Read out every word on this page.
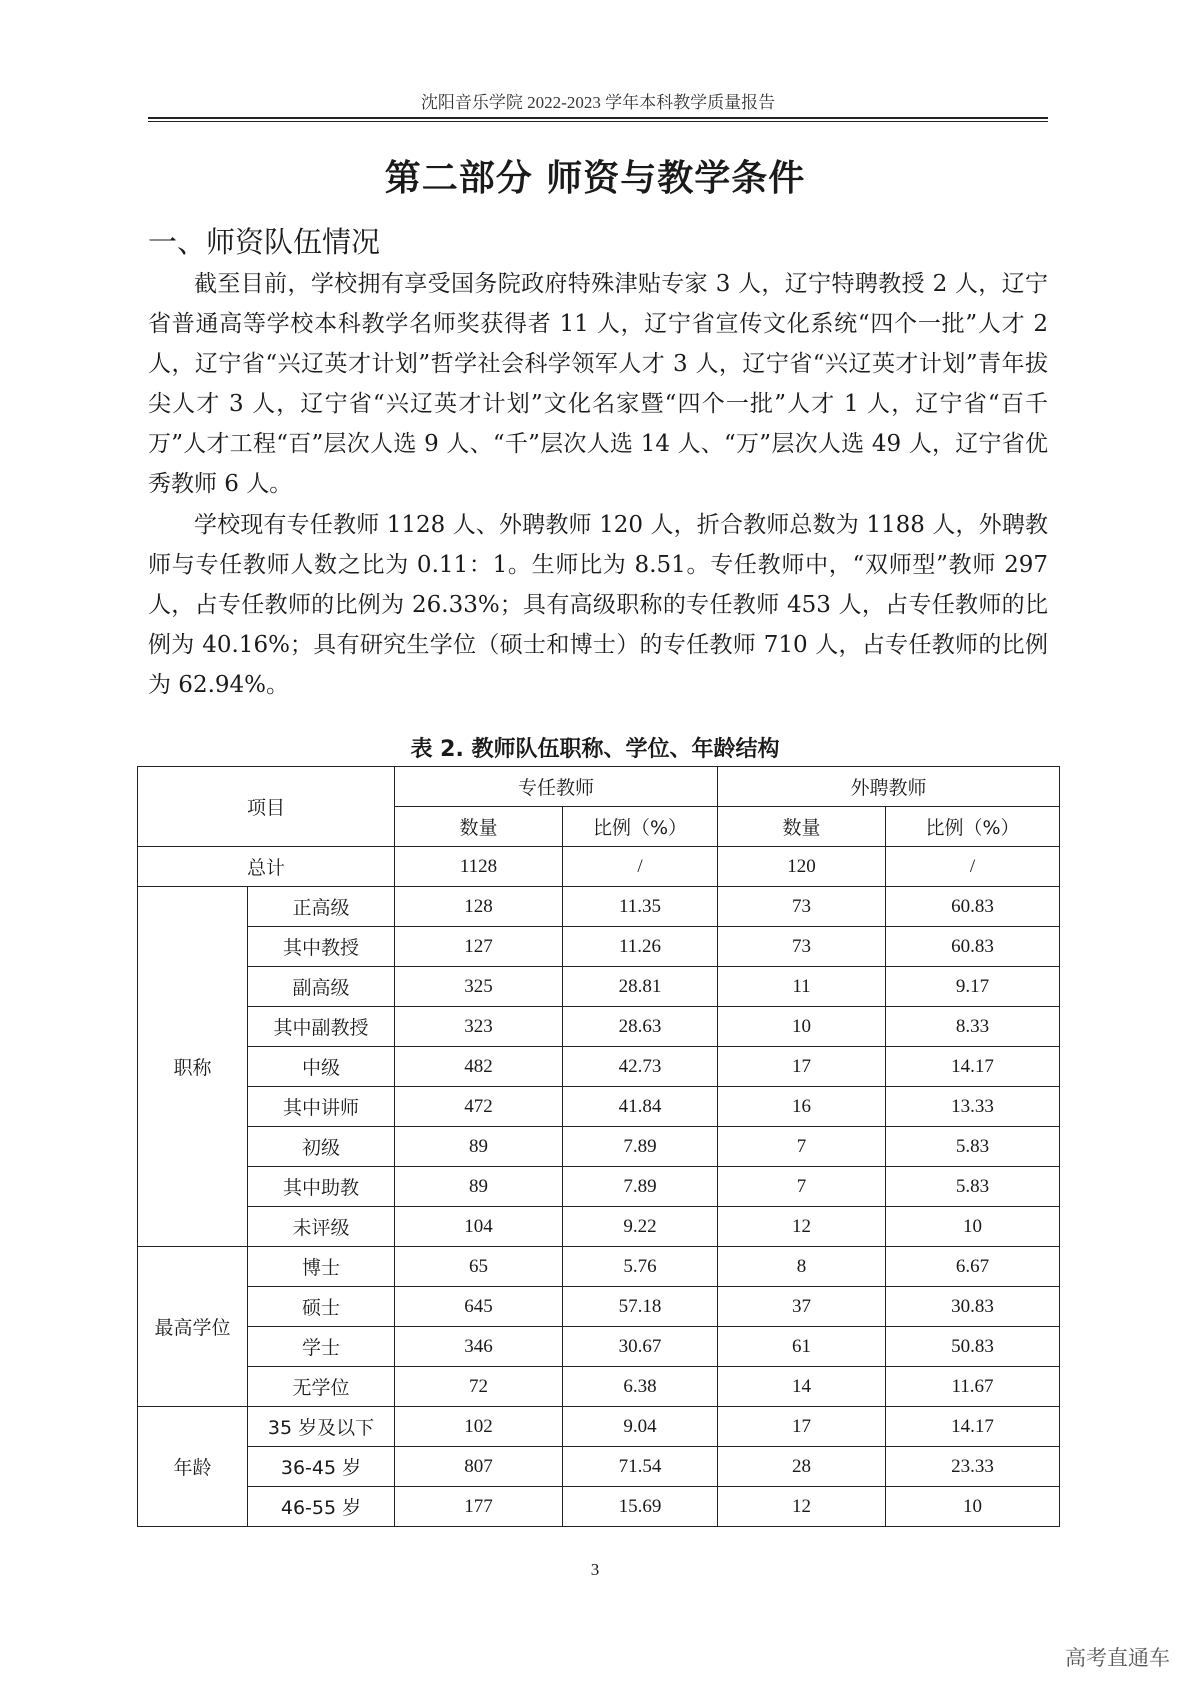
沈阳音乐学院 2022-2023 学年本科教学质量报告
第二部分 师资与教学条件
一、师资队伍情况

截至目前，学校拥有享受国务院政府特殊津贴专家 3 人，辽宁特聘教授 2 人，辽宁省普通高等学校本科教学名师奖获得者 11 人，辽宁省宣传文化系统“四个一批”人才 2 人，辽宁省“兴辽英才计划”哲学社会科学领军人才 3 人，辽宁省“兴辽英才计划”青年拔尖人才 3 人，辽宁省“兴辽英才计划”文化名家暨“四个一批”人才 1 人，辽宁省“百千万”人才工程“百”层次人选 9 人、“千”层次人选 14 人、“万”层次人选 49 人，辽宁省优秀教师 6 人。

学校现有专任教师 1128 人、外聘教师 120 人，折合教师总数为 1188 人，外聘教师与专任教师人数之比为 0.11：1。生师比为 8.51。专任教师中，“双师型”教师 297 人，占专任教师的比例为 26.33%；具有高级职称的专任教师 453 人，占专任教师的比例为 40.16%；具有研究生学位（硕士和博士）的专任教师 710 人，占专任教师的比例为 62.94%。

表 2. 教师队伍职称、学位、年龄结构
项目		专任教师		外聘教师	
		数量	比例（%）	数量	比例（%）
总计		1128	/	120	/
职称	正高级	128	11.35	73	60.83
	其中教授	127	11.26	73	60.83
	副高级	325	28.81	11	9.17
	其中副教授	323	28.63	10	8.33
	中级	482	42.73	17	14.17
	其中讲师	472	41.84	16	13.33
	初级	89	7.89	7	5.83
	其中助教	89	7.89	7	5.83
	未评级	104	9.22	12	10
最高学位	博士	65	5.76	8	6.67
	硕士	645	57.18	37	30.83
	学士	346	30.67	61	50.83
	无学位	72	6.38	14	11.67
年龄	35 岁及以下	102	9.04	17	14.17
	36-45 岁	807	71.54	28	23.33
	46-55 岁	177	15.69	12	10
3
高考直通车
